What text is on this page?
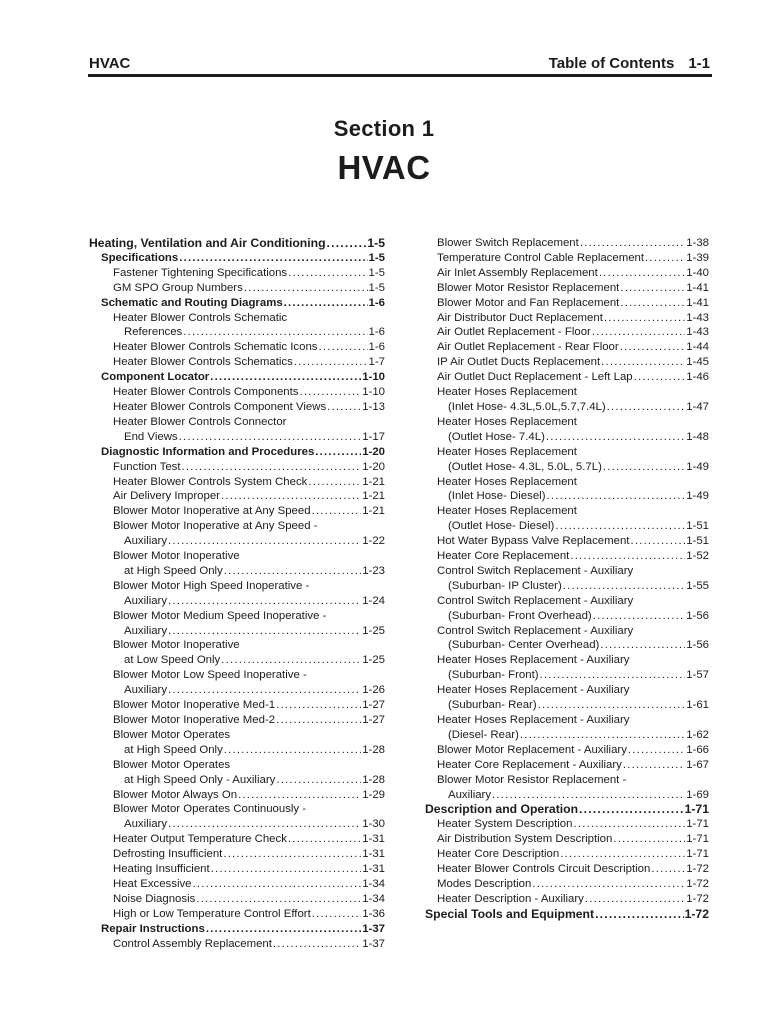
HVAC	Table of Contents 1-1
Section 1
HVAC
Heating, Ventilation and Air Conditioning .....	1-5
Specifications .....	1-5
Fastener Tightening Specifications .....	1-5
GM SPO Group Numbers .....	1-5
Schematic and Routing Diagrams .....	1-6
Heater Blower Controls Schematic
References .....	1-6
Heater Blower Controls Schematic Icons .....	1-6
Heater Blower Controls Schematics .....	1-7
Component Locator .....	1-10
Heater Blower Controls Components .....	1-10
Heater Blower Controls Component Views .....	1-13
Heater Blower Controls Connector
End Views .....	1-17
Diagnostic Information and Procedures .....	1-20
Function Test .....	1-20
Heater Blower Controls System Check .....	1-21
Air Delivery Improper .....	1-21
Blower Motor Inoperative at Any Speed .....	1-21
Blower Motor Inoperative at Any Speed -
Auxiliary .....	1-22
Blower Motor Inoperative
at High Speed Only .....	1-23
Blower Motor High Speed Inoperative -
Auxiliary .....	1-24
Blower Motor Medium Speed Inoperative -
Auxiliary .....	1-25
Blower Motor Inoperative
at Low Speed Only .....	1-25
Blower Motor Low Speed Inoperative -
Auxiliary .....	1-26
Blower Motor Inoperative Med-1 .....	1-27
Blower Motor Inoperative Med-2 .....	1-27
Blower Motor Operates
at High Speed Only .....	1-28
Blower Motor Operates
at High Speed Only - Auxiliary .....	1-28
Blower Motor Always On .....	1-29
Blower Motor Operates Continuously -
Auxiliary .....	1-30
Heater Output Temperature Check .....	1-31
Defrosting Insufficient .....	1-31
Heating Insufficient .....	1-31
Heat Excessive .....	1-34
Noise Diagnosis .....	1-34
High or Low Temperature Control Effort .....	1-36
Repair Instructions .....	1-37
Control Assembly Replacement .....	1-37
Blower Switch Replacement .....	1-38
Temperature Control Cable Replacement .....	1-39
Air Inlet Assembly Replacement .....	1-40
Blower Motor Resistor Replacement .....	1-41
Blower Motor and Fan Replacement .....	1-41
Air Distributor Duct Replacement .....	1-43
Air Outlet Replacement - Floor .....	1-43
Air Outlet Replacement - Rear Floor .....	1-44
IP Air Outlet Ducts Replacement .....	1-45
Air Outlet Duct Replacement - Left Lap .....	1-46
Heater Hoses Replacement
(Inlet Hose- 4.3L,5.0L,5.7,7.4L) .....	1-47
Heater Hoses Replacement
(Outlet Hose- 7.4L) .....	1-48
Heater Hoses Replacement
(Outlet Hose- 4.3L, 5.0L, 5.7L) .....	1-49
Heater Hoses Replacement
(Inlet Hose- Diesel) .....	1-49
Heater Hoses Replacement
(Outlet Hose- Diesel) .....	1-51
Hot Water Bypass Valve Replacement .....	1-51
Heater Core Replacement .....	1-52
Control Switch Replacement - Auxiliary
(Suburban- IP Cluster) .....	1-55
Control Switch Replacement - Auxiliary
(Suburban- Front Overhead) .....	1-56
Control Switch Replacement - Auxiliary
(Suburban- Center Overhead) .....	1-56
Heater Hoses Replacement - Auxiliary
(Suburban- Front) .....	1-57
Heater Hoses Replacement - Auxiliary
(Suburban- Rear) .....	1-61
Heater Hoses Replacement - Auxiliary
(Diesel- Rear) .....	1-62
Blower Motor Replacement - Auxiliary .....	1-66
Heater Core Replacement - Auxiliary .....	1-67
Blower Motor Resistor Replacement -
Auxiliary .....	1-69
Description and Operation .....	1-71
Heater System Description .....	1-71
Air Distribution System Description .....	1-71
Heater Core Description .....	1-71
Heater Blower Controls Circuit Description .....	1-72
Modes Description .....	1-72
Heater Description - Auxiliary .....	1-72
Special Tools and Equipment .....	1-72
